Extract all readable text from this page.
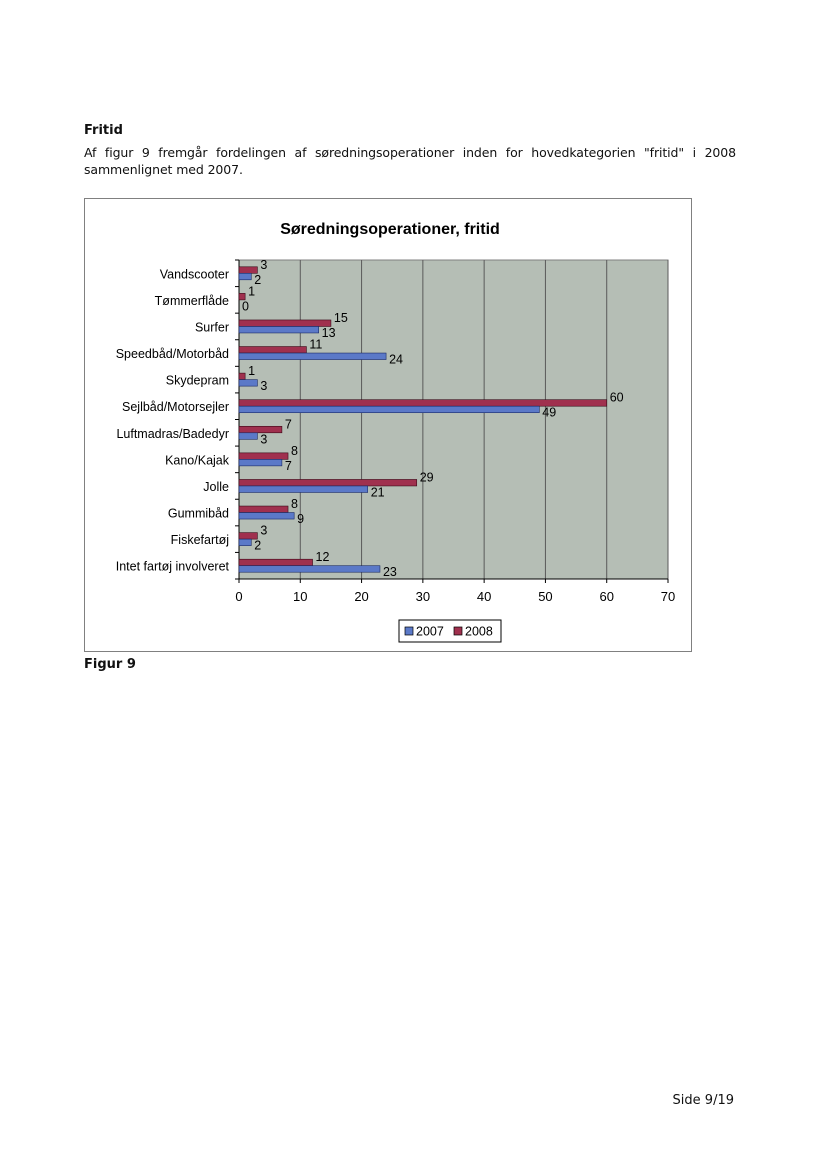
Fritid
Af figur 9 fremgår fordelingen af søredningsoperationer inden for hovedkategorien "fritid" i 2008 sammenlignet med 2007.
Søredningsoperationer, fritid
0	10	20	30	40	50	60	70
Vandscooter
3
2
Tømmerflåde
1
0
Surfer
15
13
Speedbåd/Motorbåd
11
24
Skydepram
1
3
Sejlbåd/Motorsejler
60
49
Luftmadras/Badedyr
7
3
Kano/Kajak
8
7
Jolle
29
21
Gummibåd
8
9
Fiskefartøj
3
2
Intet fartøj involveret
12
23
2007 2008
Figur 9
Side 9/19
